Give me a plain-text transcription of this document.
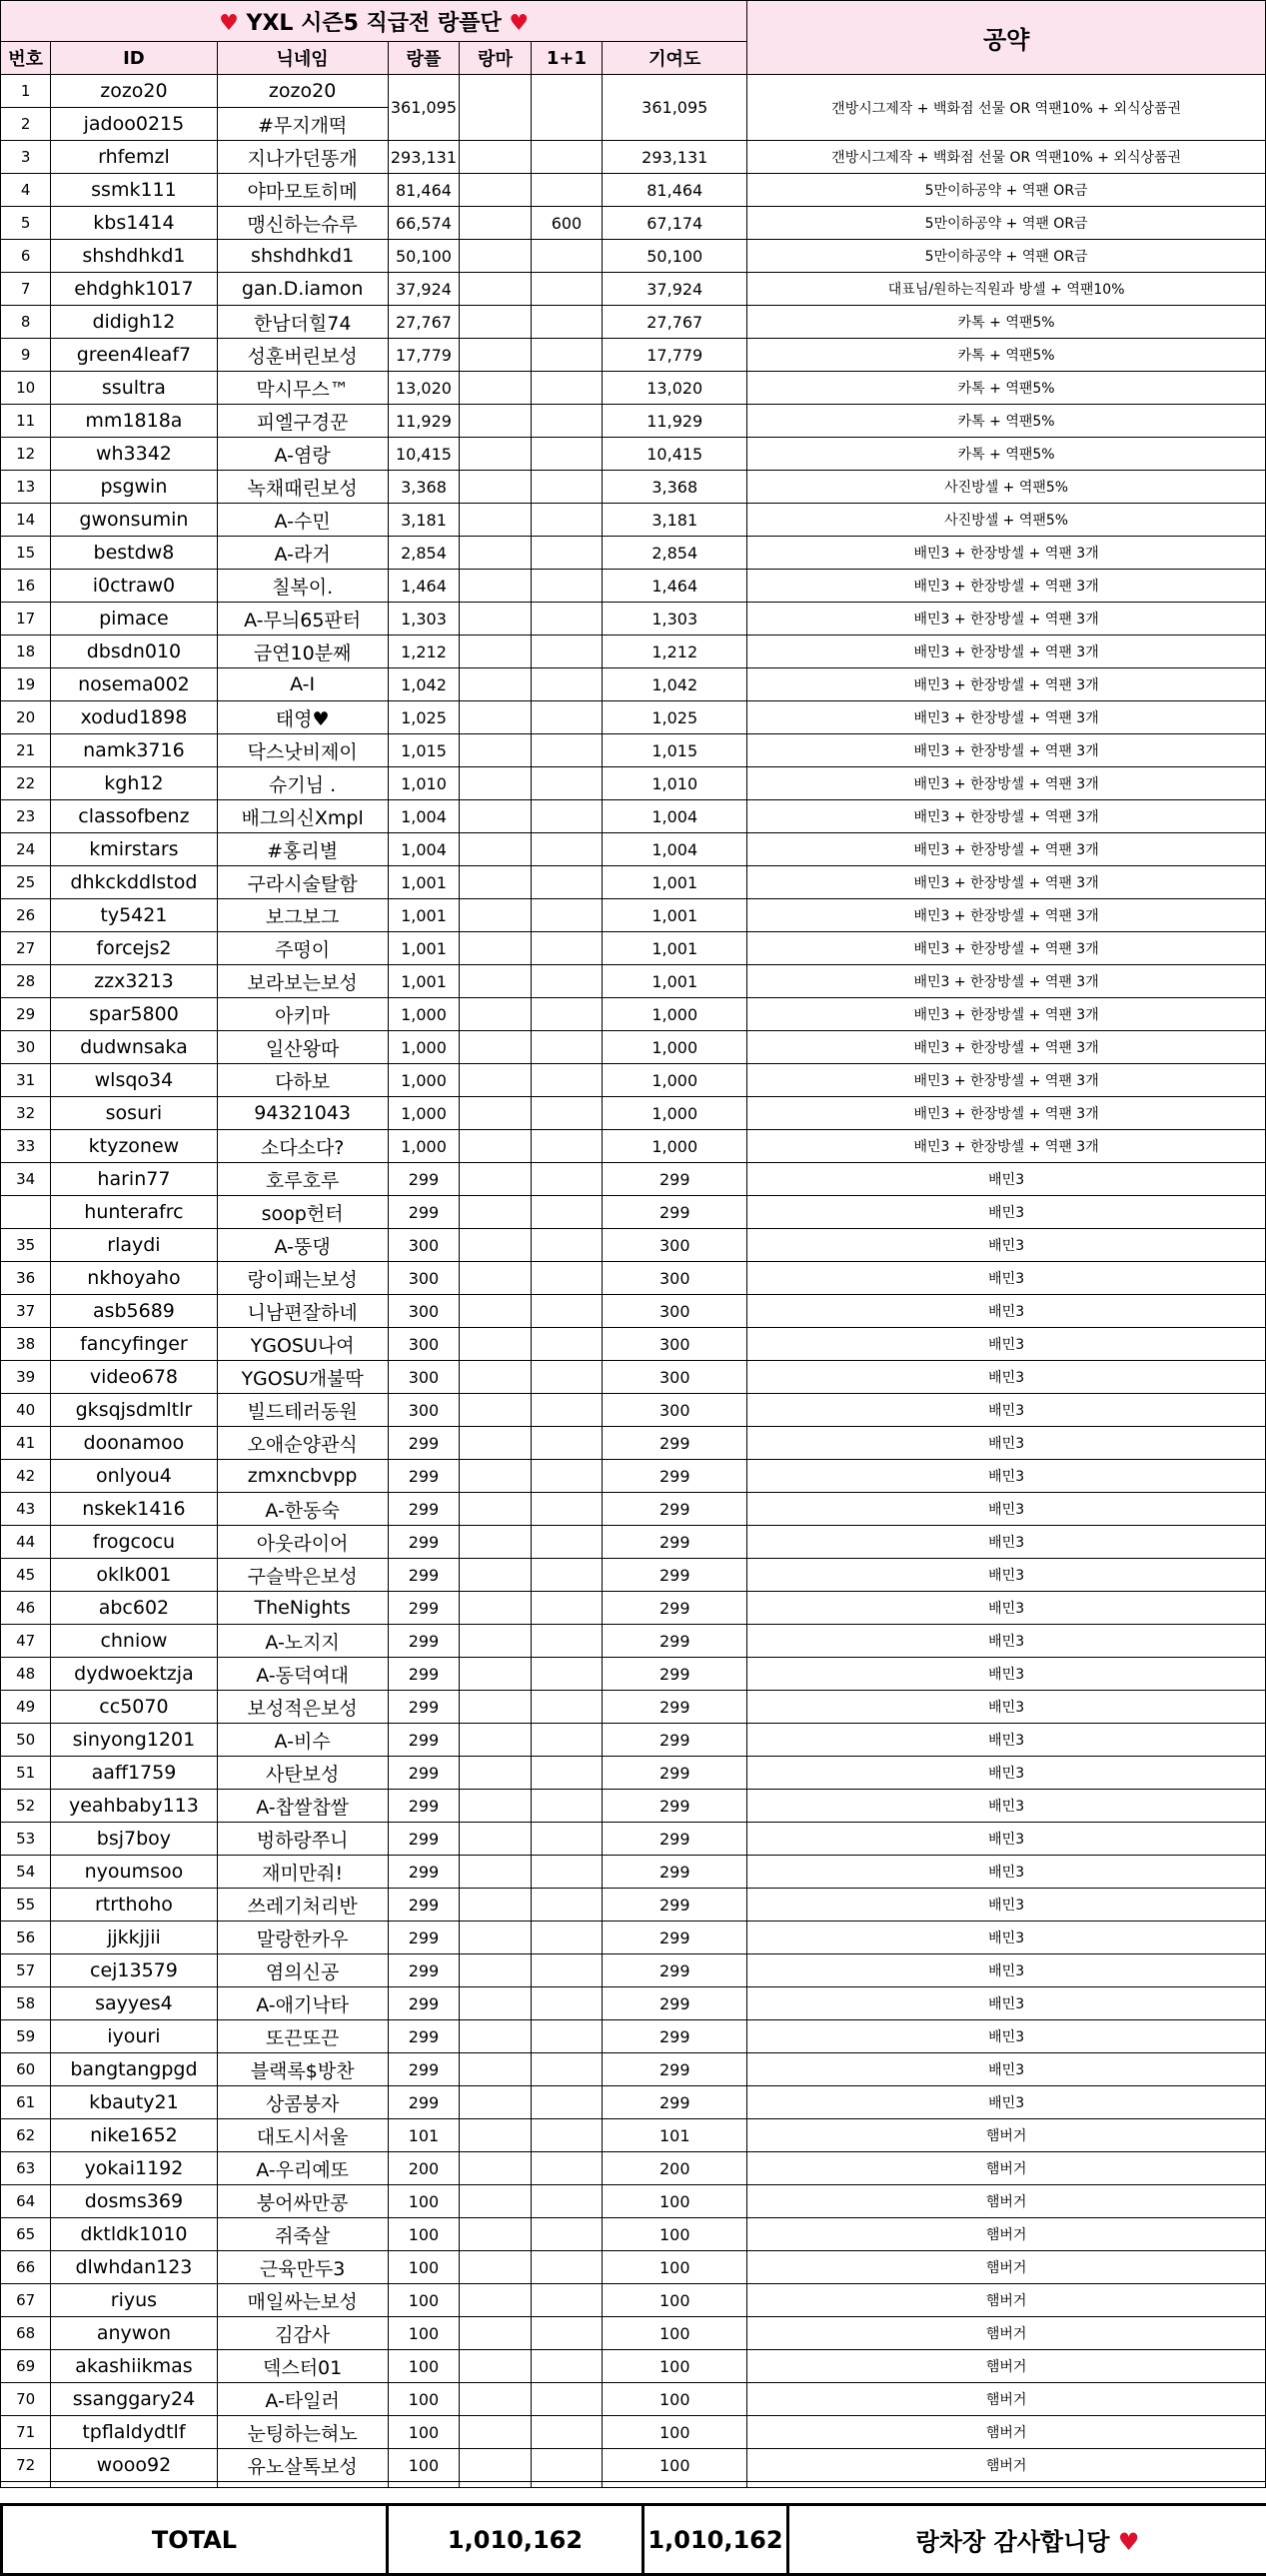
♥ YXL 시즌5 직급전 랑플단 ♥							공약
번호	ID	닉네임	랑플	랑마	1+1	기여도	
1	zozo20	zozo20	361,095			361,095	갠방시그제작 + 백화점 선물 OR 역팬10% + 외식상품권
2	jadoo0215	#무지개떡					
3	rhfemzl	지나가던똥개	293,131			293,131	갠방시그제작 + 백화점 선물 OR 역팬10% + 외식상품권
4	ssmk111	야마모토히메	81,464			81,464	5만이하공약 + 역팬 OR금
5	kbs1414	맹신하는슈루	66,574		600	67,174	5만이하공약 + 역팬 OR금
6	shshdhkd1	shshdhkd1	50,100			50,100	5만이하공약 + 역팬 OR금
7	ehdghk1017	gan.D.iamon	37,924			37,924	대표님/원하는직원과 방셀 + 역팬10%
8	didigh12	한남더힐74	27,767			27,767	카톡 + 역팬5%
9	green4leaf7	성훈버린보성	17,779			17,779	카톡 + 역팬5%
10	ssultra	막시무스™	13,020			13,020	카톡 + 역팬5%
11	mm1818a	피엘구경꾼	11,929			11,929	카톡 + 역팬5%
12	wh3342	A-염랑	10,415			10,415	카톡 + 역팬5%
13	psgwin	녹채때린보성	3,368			3,368	사진방셀 + 역팬5%
14	gwonsumin	A-수민	3,181			3,181	사진방셀 + 역팬5%
15	bestdw8	A-라거	2,854			2,854	배민3 + 한장방셀 + 역팬 3개
16	i0ctraw0	칠복이.	1,464			1,464	배민3 + 한장방셀 + 역팬 3개
17	pimace	A-무늬65판터	1,303			1,303	배민3 + 한장방셀 + 역팬 3개
18	dbsdn010	금연10분째	1,212			1,212	배민3 + 한장방셀 + 역팬 3개
19	nosema002	A-I	1,042			1,042	배민3 + 한장방셀 + 역팬 3개
20	xodud1898	태영♥	1,025			1,025	배민3 + 한장방셀 + 역팬 3개
21	namk3716	닥스낫비제이	1,015			1,015	배민3 + 한장방셀 + 역팬 3개
22	kgh12	슈기님 .	1,010			1,010	배민3 + 한장방셀 + 역팬 3개
23	classofbenz	배그의신Xmpl	1,004			1,004	배민3 + 한장방셀 + 역팬 3개
24	kmirstars	#홍리별	1,004			1,004	배민3 + 한장방셀 + 역팬 3개
25	dhkckddlstod	구라시술탈함	1,001			1,001	배민3 + 한장방셀 + 역팬 3개
26	ty5421	보그보그	1,001			1,001	배민3 + 한장방셀 + 역팬 3개
27	forcejs2	주떵이	1,001			1,001	배민3 + 한장방셀 + 역팬 3개
28	zzx3213	보라보는보성	1,001			1,001	배민3 + 한장방셀 + 역팬 3개
29	spar5800	아키마	1,000			1,000	배민3 + 한장방셀 + 역팬 3개
30	dudwnsaka	일산왕따	1,000			1,000	배민3 + 한장방셀 + 역팬 3개
31	wlsqo34	다하보	1,000			1,000	배민3 + 한장방셀 + 역팬 3개
32	sosuri	94321043	1,000			1,000	배민3 + 한장방셀 + 역팬 3개
33	ktyzonew	소다소다?	1,000			1,000	배민3 + 한장방셀 + 역팬 3개
34	harin77	호루호루	299			299	배민3
	hunterafrc	soop헌터	299			299	배민3
35	rlaydi	A-뚱댕	300			300	배민3
36	nkhoyaho	랑이패는보성	300			300	배민3
37	asb5689	니남편잘하네	300			300	배민3
38	fancyfinger	YGOSU나여	300			300	배민3
39	video678	YGOSU개불딱	300			300	배민3
40	gksqjsdmltlr	빌드테러동원	300			300	배민3
41	doonamoo	오애순양관식	299			299	배민3
42	onlyou4	zmxncbvpp	299			299	배민3
43	nskek1416	A-한동숙	299			299	배민3
44	frogcocu	아웃라이어	299			299	배민3
45	oklk001	구슬박은보성	299			299	배민3
46	abc602	TheNights	299			299	배민3
47	chniow	A-노지지	299			299	배민3
48	dydwoektzja	A-동덕여대	299			299	배민3
49	cc5070	보성적은보성	299			299	배민3
50	sinyong1201	A-비수	299			299	배민3
51	aaff1759	사탄보성	299			299	배민3
52	yeahbaby113	A-찹쌀찹쌀	299			299	배민3
53	bsj7boy	벙하랑쭈니	299			299	배민3
54	nyoumsoo	재미만줘!	299			299	배민3
55	rtrthoho	쓰레기처리반	299			299	배민3
56	jjkkjjii	말랑한카우	299			299	배민3
57	cej13579	염의신공	299			299	배민3
58	sayyes4	A-애기낙타	299			299	배민3
59	iyouri	또끈또끈	299			299	배민3
60	bangtangpgd	블랙록$방찬	299			299	배민3
61	kbauty21	상콤붕자	299			299	배민3
62	nike1652	대도시서울	101			101	햄버거
63	yokai1192	A-우리예또	200			200	햄버거
64	dosms369	붕어싸만콩	100			100	햄버거
65	dktldk1010	쥐죽살	100			100	햄버거
66	dlwhdan123	근육만두3	100			100	햄버거
67	riyus	매일싸는보성	100			100	햄버거
68	anywon	김감사	100			100	햄버거
69	akashiikmas	덱스터01	100			100	햄버거
70	ssanggary24	A-타일러	100			100	햄버거
71	tpflaldydtlf	눈팅하는혀노	100			100	햄버거
72	wooo92	유노살톡보성	100			100	햄버거

TOTAL	1,010,162	1,010,162	랑차장 감사합니당 ♥
